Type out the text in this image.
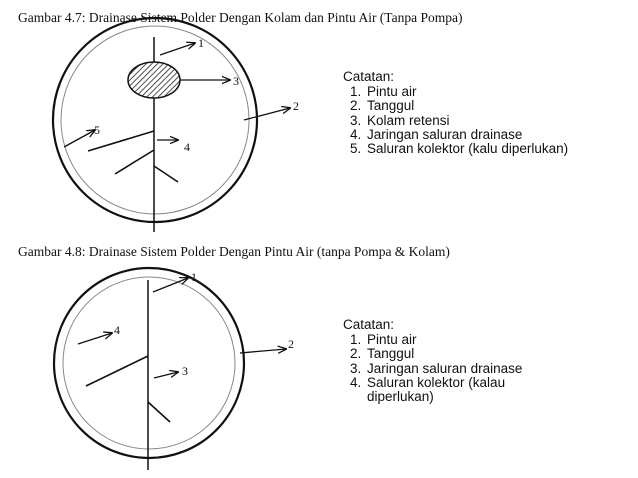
Gambar 4.7: Drainase Sistem Polder Dengan Kolam dan Pintu Air (Tanpa Pompa)
Catatan:
1. Pintu air
2. Tanggul
3. Kolam retensi
4. Jaringan saluran drainase
5. Saluran kolektor (kalu diperlukan)
Gambar 4.8: Drainase Sistem Polder Dengan Pintu Air (tanpa Pompa & Kolam)
Catatan:
1. Pintu air
2. Tanggul
3. Jaringan saluran drainase
4. Saluran kolektor (kalau diperlukan)
1
3
2
5
4
1
4
2
3
